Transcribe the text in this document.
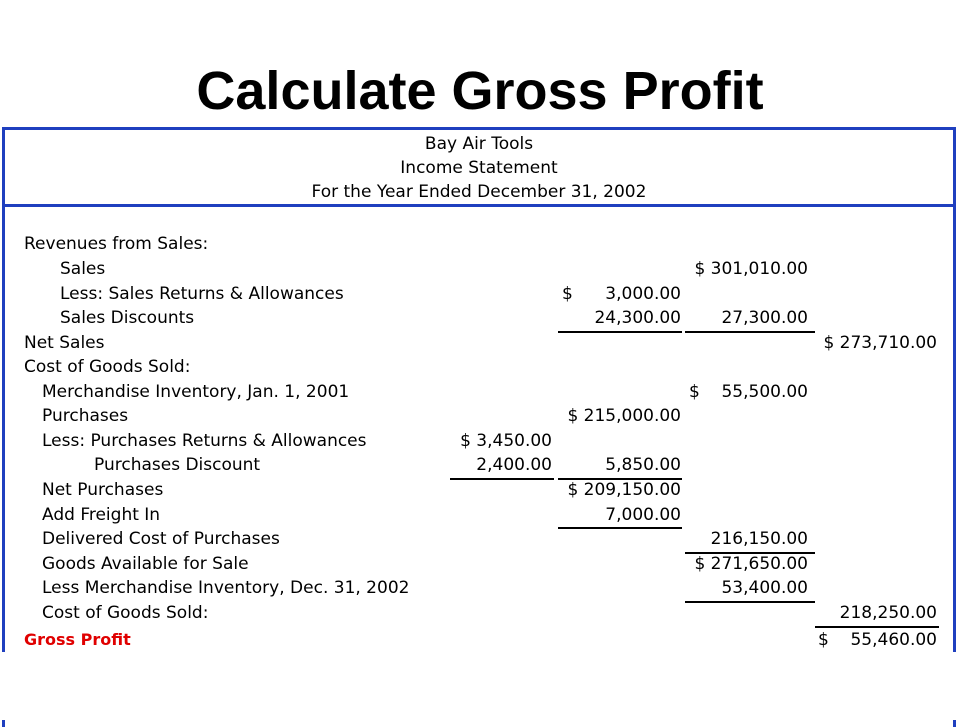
Calculate Gross Profit
Bay Air Tools
Income Statement
For the Year Ended December 31, 2002
Revenues from Sales:
Sales	$ 301,010.00
Less: Sales Returns & Allowances	$      3,000.00
Sales Discounts	24,300.00	27,300.00
Net Sales	$ 273,710.00
Cost of Goods Sold:
Merchandise Inventory, Jan. 1, 2001	$    55,500.00
Purchases	$ 215,000.00
Less: Purchases Returns & Allowances	$ 3,450.00
Purchases Discount	2,400.00	5,850.00
Net Purchases	$ 209,150.00
Add Freight In	7,000.00
Delivered Cost of Purchases	216,150.00
Goods Available for Sale	$ 271,650.00
Less Merchandise Inventory, Dec. 31, 2002	53,400.00
Cost of Goods Sold:	218,250.00
Gross Profit	$    55,460.00
